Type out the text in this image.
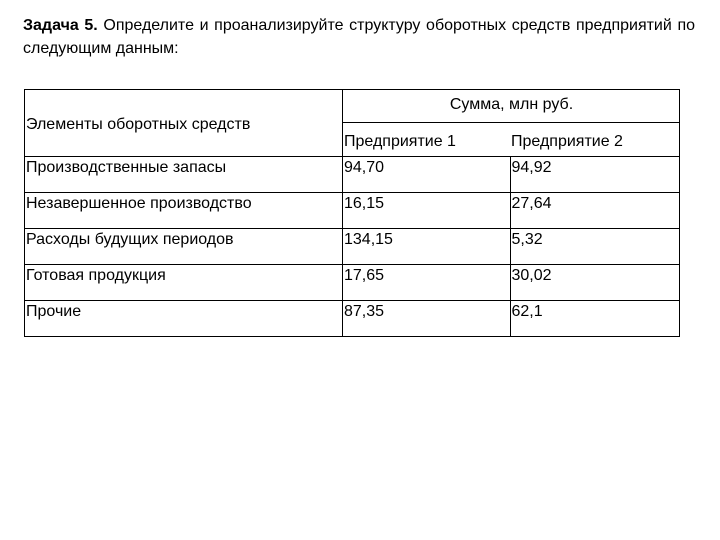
Задача 5. Определите и проанализируйте структуру оборотных средств предприятий по следующим данным:
Элементы оборотных средств	Сумма, млн руб.	
	Предприятие 1	Предприятие 2
Производственные запасы	94,70	94,92
Незавершенное производство	16,15	27,64
Расходы будущих периодов	134,15	5,32
Готовая продукция	17,65	30,02
Прочие	87,35	62,1
